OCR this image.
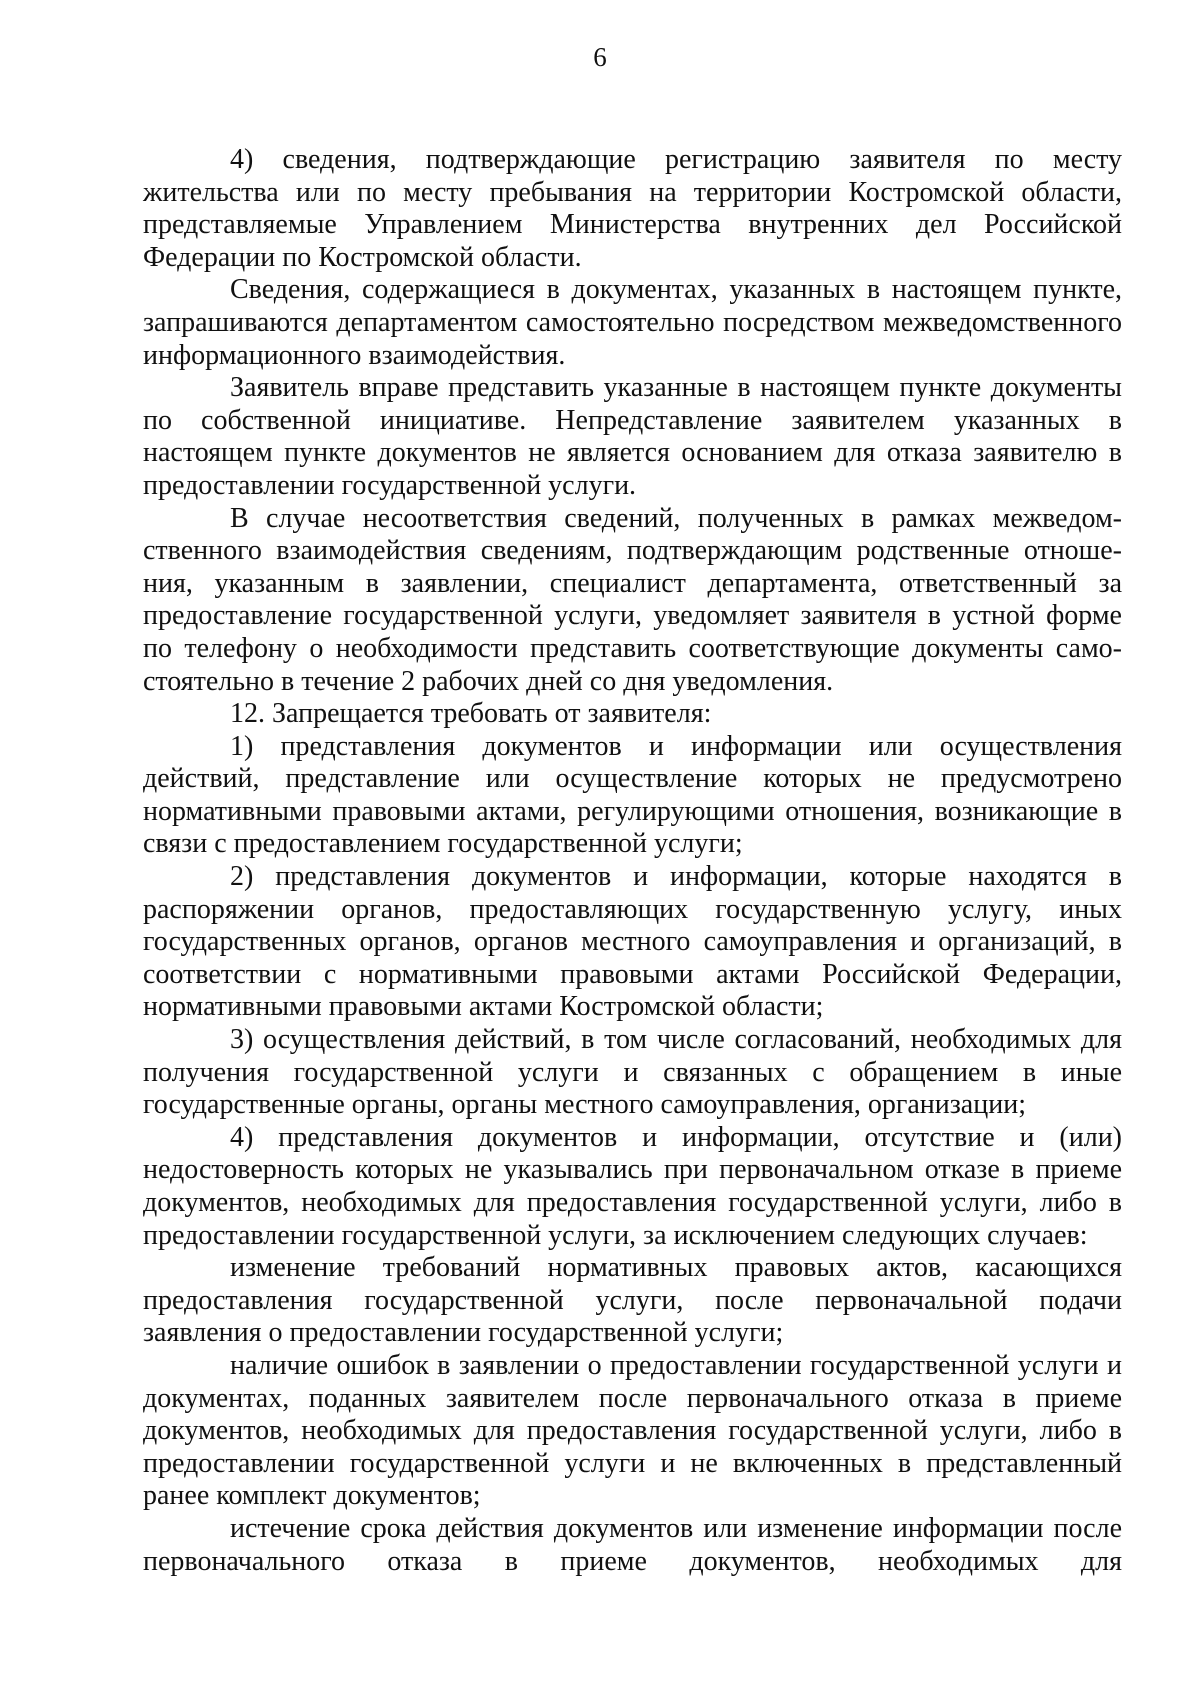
6

4) сведения, подтверждающие регистрацию заявителя по месту жительства или по месту пребывания на территории Костромской области, представляемые Управлением Министерства внутренних дел Российской Федерации по Костромской области.

Сведения, содержащиеся в документах, указанных в настоящем пункте, запрашиваются департаментом самостоятельно посредством межведомственного информационного взаимодействия.

Заявитель вправе представить указанные в настоящем пункте документы по собственной инициативе. Непредставление заявителем указанных в настоящем пункте документов не является основанием для отказа заявителю в предоставлении государственной услуги.

В случае несоответствия сведений, полученных в рамках межведомственного взаимодействия сведениям, подтверждающим родственные отношения, указанным в заявлении, специалист департамента, ответственный за предоставление государственной услуги, уведомляет заявителя в устной форме по телефону о необходимости представить соответствующие документы самостоятельно в течение 2 рабочих дней со дня уведомления.

12. Запрещается требовать от заявителя:

1) представления документов и информации или осуществления действий, представление или осуществление которых не предусмотрено нормативными правовыми актами, регулирующими отношения, возникающие в связи с предоставлением государственной услуги;

2) представления документов и информации, которые находятся в распоряжении органов, предоставляющих государственную услугу, иных государственных органов, органов местного самоуправления и организаций, в соответствии с нормативными правовыми актами Российской Федерации, нормативными правовыми актами Костромской области;

3) осуществления действий, в том числе согласований, необходимых для получения государственной услуги и связанных с обращением в иные государственные органы, органы местного самоуправления, организации;

4) представления документов и информации, отсутствие и (или) недостоверность которых не указывались при первоначальном отказе в приеме документов, необходимых для предоставления государственной услуги, либо в предоставлении государственной услуги, за исключением следующих случаев:

изменение требований нормативных правовых актов, касающихся предоставления государственной услуги, после первоначальной подачи заявления о предоставлении государственной услуги;

наличие ошибок в заявлении о предоставлении государственной услуги и документах, поданных заявителем после первоначального отказа в приеме документов, необходимых для предоставления государственной услуги, либо в предоставлении государственной услуги и не включенных в представленный ранее комплект документов;

истечение срока действия документов или изменение информации после первоначального отказа в приеме документов, необходимых для
